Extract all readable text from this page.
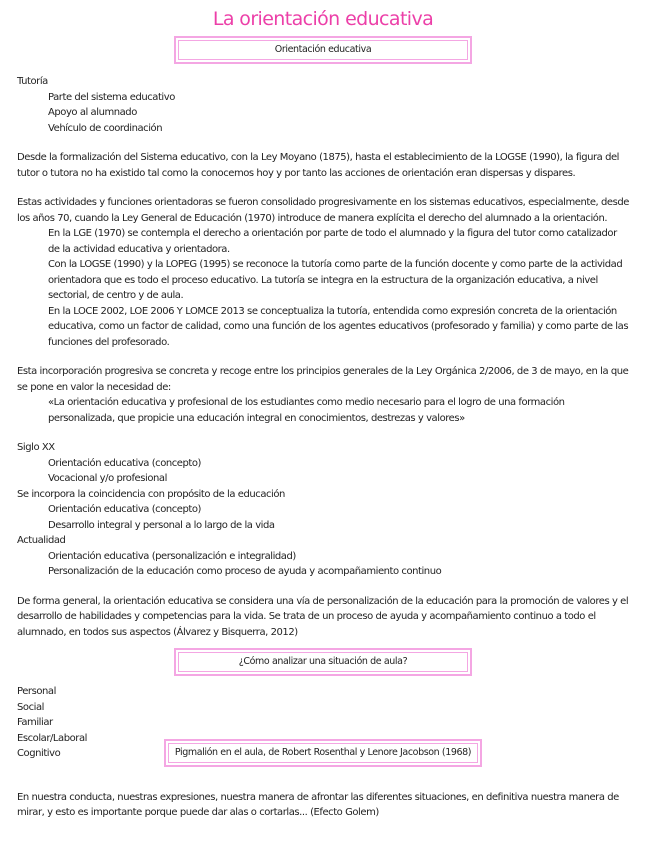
La orientación educativa
Orientación educativa

Tutoría

Parte del sistema educativo

Apoyo al alumnado

Vehículo de coordinación

Desde la formalización del Sistema educativo, con la Ley Moyano (1875), hasta el establecimiento de la LOGSE (1990), la figura del tutor o tutora no ha existido tal como la conocemos hoy y por tanto las acciones de orientación eran dispersas y dispares.

Estas actividades y funciones orientadoras se fueron consolidado progresivamente en los sistemas educativos, especialmente, desde los años 70, cuando la Ley General de Educación (1970) introduce de manera explícita el derecho del alumnado a la orientación.

En la LGE (1970) se contempla el derecho a orientación por parte de todo el alumnado y la figura del tutor como catalizador de la actividad educativa y orientadora.

Con la LOGSE (1990) y la LOPEG (1995) se reconoce la tutoría como parte de la función docente y como parte de la actividad orientadora que es todo el proceso educativo. La tutoría se integra en la estructura de la organización educativa, a nivel sectorial, de centro y de aula.

En la LOCE 2002, LOE 2006 Y LOMCE 2013 se conceptualiza la tutoría, entendida como expresión concreta de la orientación educativa, como un factor de calidad, como una función de los agentes educativos (profesorado y familia) y como parte de las funciones del profesorado.

Esta incorporación progresiva se concreta y recoge entre los principios generales de la Ley Orgánica 2/2006, de 3 de mayo, en la que se pone en valor la necesidad de:

«La orientación educativa y profesional de los estudiantes como medio necesario para el logro de una formación personalizada, que propicie una educación integral en conocimientos, destrezas y valores»

Siglo XX

Orientación educativa (concepto)

Vocacional y/o profesional

Se incorpora la coincidencia con propósito de la educación

Orientación educativa (concepto)

Desarrollo integral y personal a lo largo de la vida

Actualidad

Orientación educativa (personalización e integralidad)

Personalización de la educación como proceso de ayuda y acompañamiento continuo

De forma general, la orientación educativa se considera una vía de personalización de la educación para la promoción de valores y el desarrollo de habilidades y competencias para la vida. Se trata de un proceso de ayuda y acompañamiento continuo a todo el alumnado, en todos sus aspectos (Álvarez y Bisquerra, 2012)

¿Cómo analizar una situación de aula?

Personal

Social

Familiar

Escolar/Laboral

Cognitivo	Pigmalión en el aula, de Robert Rosenthal y Lenore Jacobson (1968)

En nuestra conducta, nuestras expresiones, nuestra manera de afrontar las diferentes situaciones, en definitiva nuestra manera de mirar, y esto es importante porque puede dar alas o cortarlas... (Efecto Golem)
